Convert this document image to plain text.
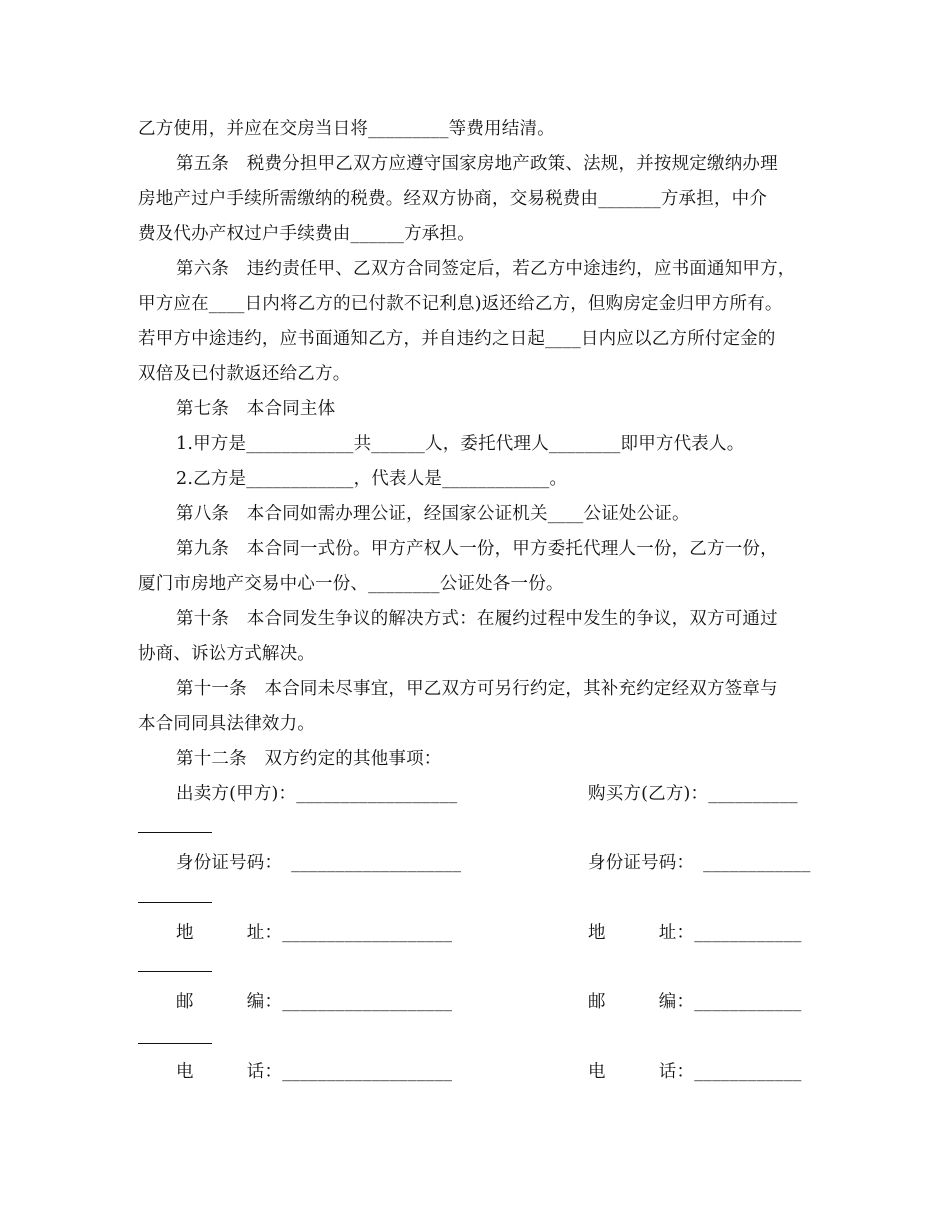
乙方使用，并应在交房当日将_________等费用结清。
第五条　税费分担甲乙双方应遵守国家房地产政策、法规，并按规定缴纳办理
房地产过户手续所需缴纳的税费。经双方协商，交易税费由_______方承担，中介
费及代办产权过户手续费由______方承担。
第六条　违约责任甲、乙双方合同签定后，若乙方中途违约，应书面通知甲方，
甲方应在____日内将乙方的已付款不记利息)返还给乙方，但购房定金归甲方所有。
若甲方中途违约，应书面通知乙方，并自违约之日起____日内应以乙方所付定金的
双倍及已付款返还给乙方。
第七条　本合同主体
1.甲方是____________共______人，委托代理人________即甲方代表人。
2.乙方是____________，代表人是____________。
第八条　本合同如需办理公证，经国家公证机关____公证处公证。
第九条　本合同一式份。甲方产权人一份，甲方委托代理人一份，乙方一份，
厦门市房地产交易中心一份、________公证处各一份。
第十条　本合同发生争议的解决方式：在履约过程中发生的争议，双方可通过
协商、诉讼方式解决。
第十一条　本合同未尽事宜，甲乙双方可另行约定，其补充约定经双方签章与
本合同同具法律效力。
第十二条　双方约定的其他事项：
出卖方(甲方)：__________________	购买方(乙方)：__________
身份证号码：　___________________	身份证号码：　____________
地　　　址：___________________	地　　　址：____________
邮　　　编：___________________	邮　　　编：____________
电　　　话：___________________	电　　　话：____________
